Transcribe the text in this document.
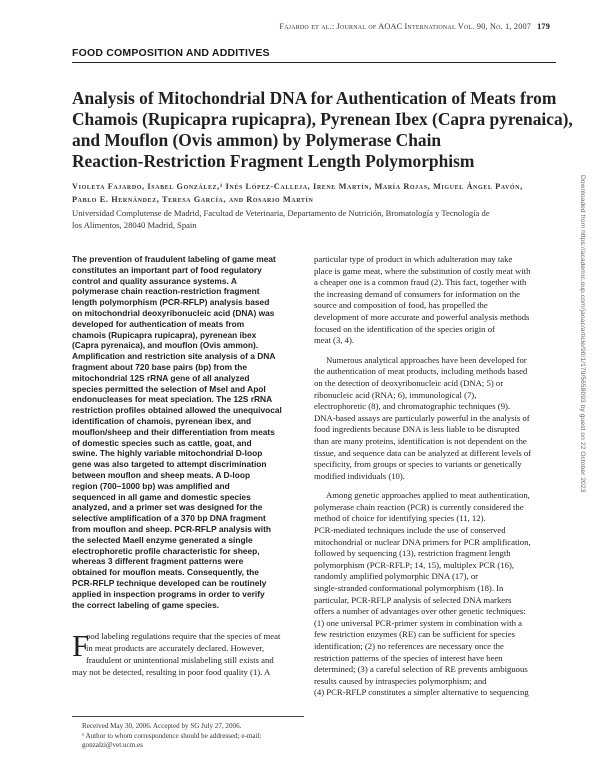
Fajardo et al.: Journal of AOAC International Vol. 90, No. 1, 2007 179
FOOD COMPOSITION AND ADDITIVES
Analysis of Mitochondrial DNA for Authentication of Meats from
Chamois (Rupicapra rupicapra), Pyrenean Ibex (Capra pyrenaica),
and Mouflon (Ovis ammon) by Polymerase Chain
Reaction-Restriction Fragment Length Polymorphism
Violeta Fajardo, Isabel González,¹ Inés López-Calleja, Irene Martín, María Rojas, Miguel Ángel Pavón,
Pablo E. Hernández, Teresa García, and Rosario Martín
Universidad Complutense de Madrid, Facultad de Veterinaria, Departamento de Nutrición, Bromatología y Tecnología de
los Alimentos, 28040 Madrid, Spain	Downloaded from https://academic.oup.com/jaoac/article/90/1/179/5658093 by guest on 22 October 2023
The prevention of fraudulent labeling of game meat
constitutes an important part of food regulatory
control and quality assurance systems. A
polymerase chain reaction-restriction fragment
length polymorphism (PCR-RFLP) analysis based
on mitochondrial deoxyribonucleic acid (DNA) was
developed for authentication of meats from
chamois (Rupicapra rupicapra), pyrenean ibex
(Capra pyrenaica), and mouflon (Ovis ammon).
Amplification and restriction site analysis of a DNA
fragment about 720 base pairs (bp) from the
mitochondrial 12S rRNA gene of all analyzed
species permitted the selection of MseI and ApoI
endonucleases for meat speciation. The 12S rRNA
restriction profiles obtained allowed the unequivocal
identification of chamois, pyrenean ibex, and
mouflon/sheep and their differentiation from meats
of domestic species such as cattle, goat, and
swine. The highly variable mitochondrial D-loop
gene was also targeted to attempt discrimination
between mouflon and sheep meats. A D-loop
region (700–1000 bp) was amplified and
sequenced in all game and domestic species
analyzed, and a primer set was designed for the
selective amplification of a 370 bp DNA fragment
from mouflon and sheep. PCR-RFLP analysis with
the selected MaeII enzyme generated a single
electrophoretic profile characteristic for sheep,
whereas 3 different fragment patterns were
obtained for mouflon meats. Consequently, the
PCR-RFLP technique developed can be routinely
applied in inspection programs in order to verify
the correct labeling of game species.
F
ood labeling regulations require that the species of meat
in meat products are accurately declared. However,
fraudulent or unintentional mislabeling still exists and
may not be detected, resulting in poor food quality (1). A
Received May 30, 2006. Accepted by SG July 27, 2006.
¹ Author to whom correspondence should be addressed; e-mail:
gonzalzi@vet.ucm.es
particular type of product in which adulteration may take
place is game meat, where the substitution of costly meat with
a cheaper one is a common fraud (2). This fact, together with
the increasing demand of consumers for information on the
source and composition of food, has propelled the
development of more accurate and powerful analysis methods
focused on the identification of the species origin of
meat (3, 4).
Numerous analytical approaches have been developed for
the authentication of meat products, including methods based
on the detection of deoxyribonucleic acid (DNA; 5) or
ribonucleic acid (RNA; 6), immunological (7),
electrophoretic (8), and chromatographic techniques (9).
DNA-based assays are particularly powerful in the analysis of
food ingredients because DNA is less liable to be disrupted
than are many proteins, identification is not dependent on the
tissue, and sequence data can be analyzed at different levels of
specificity, from groups or species to variants or genetically
modified individuals (10).
Among genetic approaches applied to meat authentication,
polymerase chain reaction (PCR) is currently considered the
method of choice for identifying species (11, 12).
PCR-mediated techniques include the use of conserved
mitochondrial or nuclear DNA primers for PCR amplification,
followed by sequencing (13), restriction fragment length
polymorphism (PCR-RFLP; 14, 15), multiplex PCR (16),
randomly amplified polymorphic DNA (17), or
single-stranded conformational polymorphism (18). In
particular, PCR-RFLP analysis of selected DNA markers
offers a number of advantages over other genetic techniques:
(1) one universal PCR-primer system in combination with a
few restriction enzymes (RE) can be sufficient for species
identification; (2) no references are necessary once the
restriction patterns of the species of interest have been
determined; (3) a careful selection of RE prevents ambiguous
results caused by intraspecies polymorphism; and
(4) PCR-RFLP constitutes a simpler alternative to sequencing
